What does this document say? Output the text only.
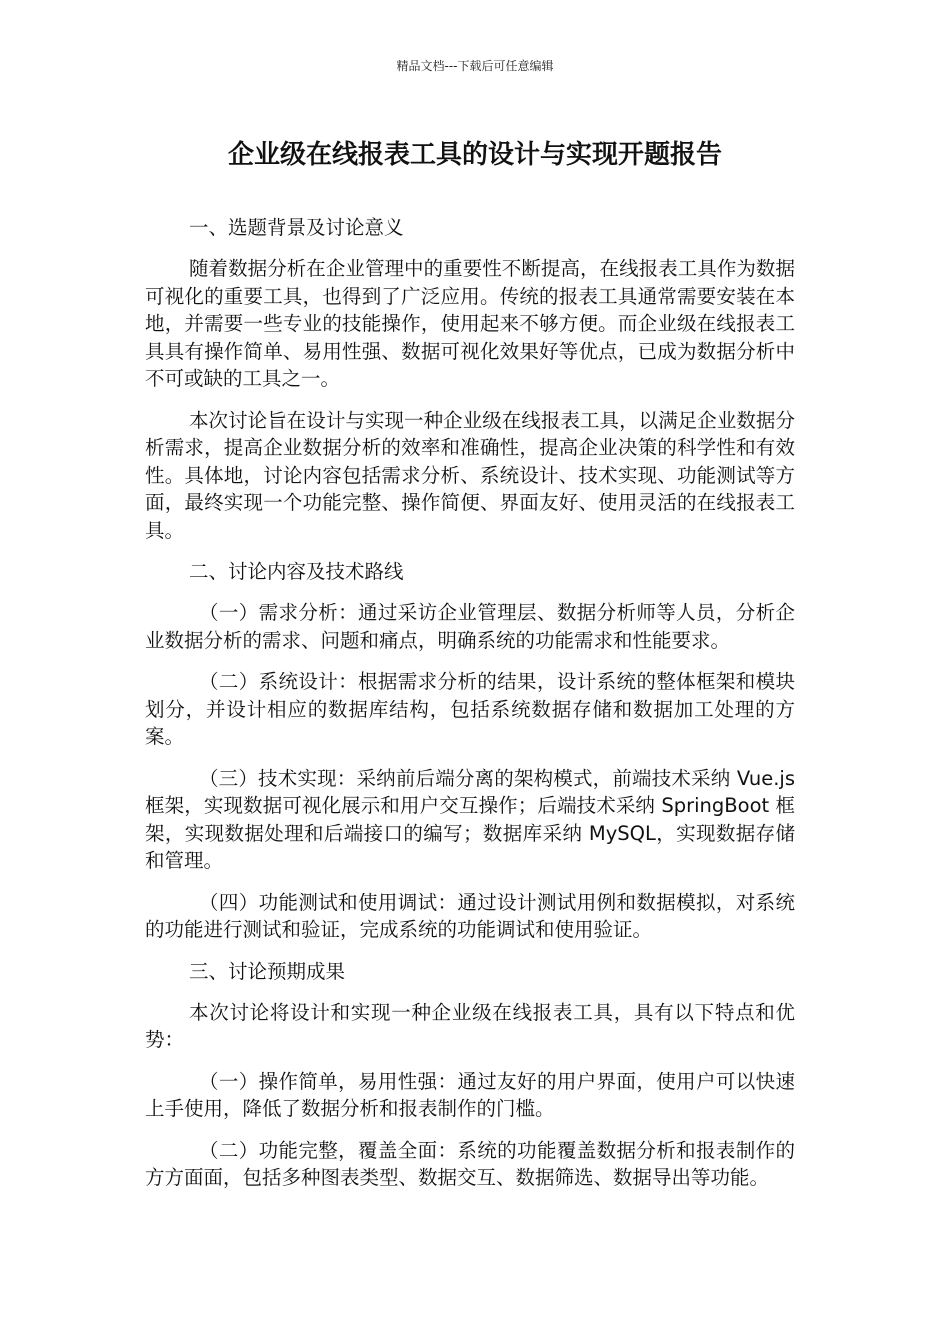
精品文档---下载后可任意编辑
企业级在线报表工具的设计与实现开题报告

一、选题背景及讨论意义

随着数据分析在企业管理中的重要性不断提高，在线报表工具作为数据可视化的重要工具，也得到了广泛应用。传统的报表工具通常需要安装在本地，并需要一些专业的技能操作，使用起来不够方便。而企业级在线报表工具具有操作简单、易用性强、数据可视化效果好等优点，已成为数据分析中不可或缺的工具之一。

本次讨论旨在设计与实现一种企业级在线报表工具，以满足企业数据分析需求，提高企业数据分析的效率和准确性，提高企业决策的科学性和有效性。具体地，讨论内容包括需求分析、系统设计、技术实现、功能测试等方面，最终实现一个功能完整、操作简便、界面友好、使用灵活的在线报表工具。

二、讨论内容及技术路线

（一）需求分析：通过采访企业管理层、数据分析师等人员，分析企业数据分析的需求、问题和痛点，明确系统的功能需求和性能要求。

（二）系统设计：根据需求分析的结果，设计系统的整体框架和模块划分，并设计相应的数据库结构，包括系统数据存储和数据加工处理的方案。

（三）技术实现：采纳前后端分离的架构模式，前端技术采纳 Vue.js 框架，实现数据可视化展示和用户交互操作；后端技术采纳 SpringBoot 框架，实现数据处理和后端接口的编写；数据库采纳 MySQL，实现数据存储和管理。

（四）功能测试和使用调试：通过设计测试用例和数据模拟，对系统的功能进行测试和验证，完成系统的功能调试和使用验证。

三、讨论预期成果

本次讨论将设计和实现一种企业级在线报表工具，具有以下特点和优势：

（一）操作简单，易用性强：通过友好的用户界面，使用户可以快速上手使用，降低了数据分析和报表制作的门槛。

（二）功能完整，覆盖全面：系统的功能覆盖数据分析和报表制作的方方面面，包括多种图表类型、数据交互、数据筛选、数据导出等功能。
